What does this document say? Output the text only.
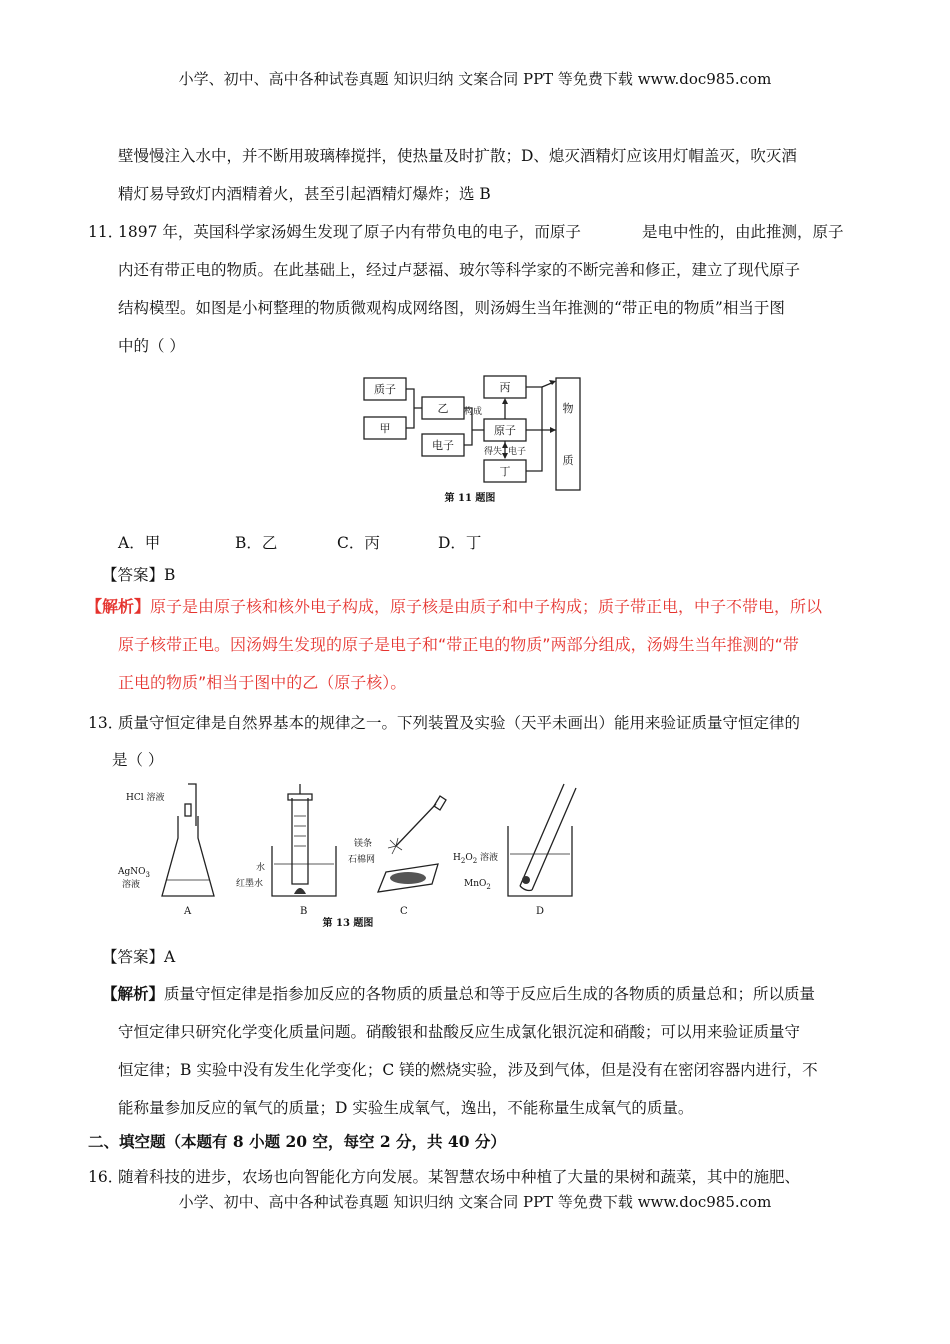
小学、初中、高中各种试卷真题 知识归纳 文案合同 PPT 等免费下载 www.doc985.com
壁慢慢注入水中，并不断用玻璃棒搅拌，使热量及时扩散；D、熄灭酒精灯应该用灯帽盖灭，吹灭酒
精灯易导致灯内酒精着火，甚至引起酒精灯爆炸；选 B
11．
1897 年，英国科学家汤姆生发现了原子内有带负电的电子，而原子	是电中性的，由此推测，原子
内还有带正电的物质。在此基础上，经过卢瑟福、玻尔等科学家的不断完善和修正，建立了现代原子
结构模型。如图是小柯整理的物质微观构成网络图，则汤姆生当年推测的“带正电的物质”相当于图
中的（ ）
质子
甲
乙
电子
丙
原子
丁
物
质
构成
得失 电子
第 11 题图
A．甲	B．乙	C．丙	D．丁
【答案】B
【解析】原子是由原子核和核外电子构成，原子核是由质子和中子构成；质子带正电，中子不带电，所以
原子核带正电。因汤姆生发现的原子是电子和“带正电的物质”两部分组成，汤姆生当年推测的“带
正电的物质”相当于图中的乙（原子核）。
13．
质量守恒定律是自然界基本的规律之一。下列装置及实验（天平未画出）能用来验证质量守恒定律的
是（ ）
HCl 溶液
AgNO$_3$
溶液
A
水
红墨水
B
镁条
石棉网
C
$H_2O_2$ 溶液
MnO$_2$
D
第 13 题图
【答案】A
【解析】质量守恒定律是指参加反应的各物质的质量总和等于反应后生成的各物质的质量总和；所以质量
守恒定律只研究化学变化质量问题。硝酸银和盐酸反应生成氯化银沉淀和硝酸；可以用来验证质量守
恒定律；B 实验中没有发生化学变化；C 镁的燃烧实验，涉及到气体，但是没有在密闭容器内进行，不
能称量参加反应的氧气的质量；D 实验生成氧气，逸出，不能称量生成氧气的质量。
二、填空题（本题有 8 小题 20 空，每空 2 分，共 40 分）
16．
随着科技的进步，农场也向智能化方向发展。某智慧农场中种植了大量的果树和蔬菜，其中的施肥、
小学、初中、高中各种试卷真题 知识归纳 文案合同 PPT 等免费下载 www.doc985.com
